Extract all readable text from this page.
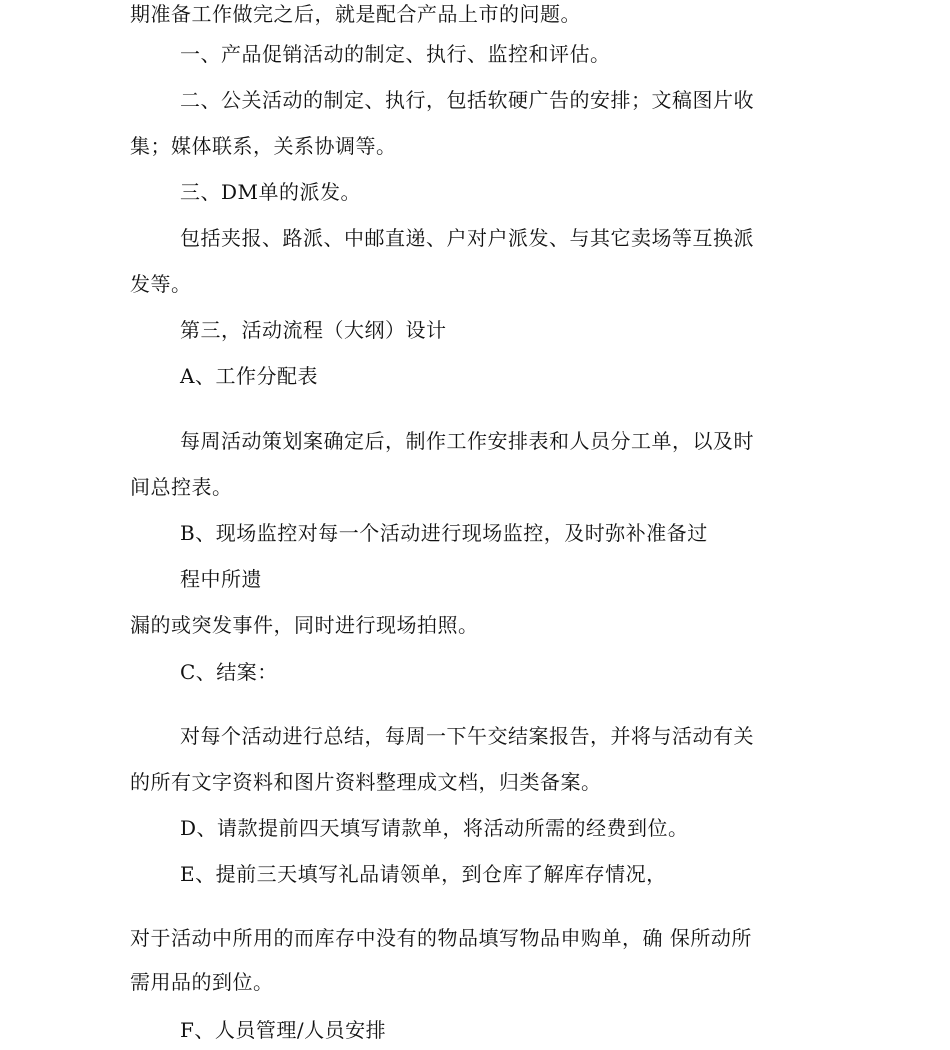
期准备工作做完之后，就是配合产品上市的问题。
一、产品促销活动的制定、执行、监控和评估。
二、公关活动的制定、执行，包括软硬广告的安排；文稿图片收
集；媒体联系，关系协调等。
三、DM单的派发。
包括夹报、路派、中邮直递、户对户派发、与其它卖场等互换派
发等。
第三，活动流程（大纲）设计
A、工作分配表
每周活动策划案确定后，制作工作安排表和人员分工单，以及时
间总控表。
B、现场监控对每一个活动进行现场监控，及时弥补准备过
程中所遗
漏的或突发事件，同时进行现场拍照。
C、结案：
对每个活动进行总结，每周一下午交结案报告，并将与活动有关
的所有文字资料和图片资料整理成文档，归类备案。
D、请款提前四天填写请款单，将活动所需的经费到位。
E、提前三天填写礼品请领单，到仓库了解库存情况，
对于活动中所用的而库存中没有的物品填写物品申购单，确 保所动所
需用品的到位。
F、人员管理/人员安排
